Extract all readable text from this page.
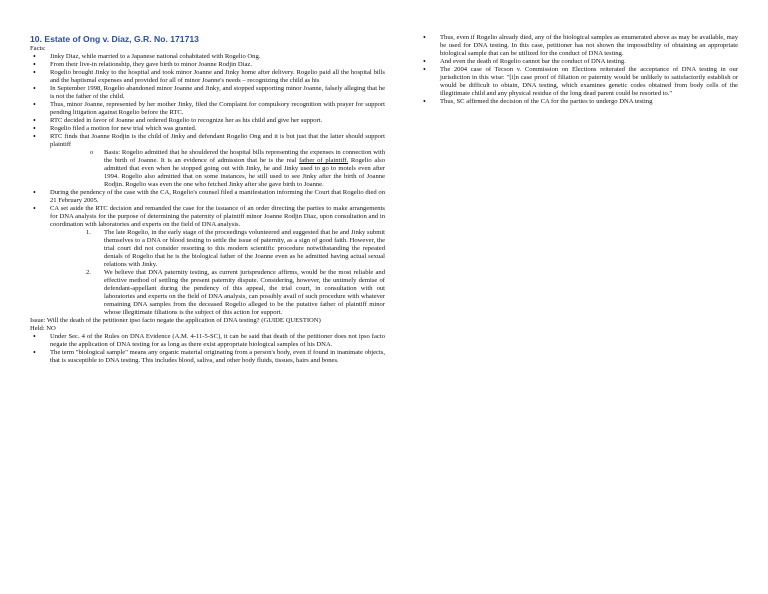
10. Estate of Ong v. Diaz, G.R. No. 171713
Facts:
• Jinky Diaz, while married to a Japanese national cohabitated with Rogelio Ong.
• From their live-in relationship, they gave birth to minor Joanne Rodjin Diaz.
• Rogelio brought Jinky to the hospital and took minor Joanne and Jinky home after delivery. Rogelio paid all the hospital bills and the baptismal expenses and provided for all of minor Joanne's needs – recognizing the child as his
• In September 1998, Rogelio abandoned minor Joanne and Jinky, and stopped supporting minor Joanne, falsely alleging that he is not the father of the child.
• Thus, minor Joanne, represented by her mother Jinky, filed the Complaint for compulsory recognition with prayer for support pending litigation against Rogelio before the RTC.
• RTC decided in favor of Joanne and ordered Rogelio to recognize her as his child and give her support.
• Rogelio filed a motion for new trial which was granted.
• RTC finds that Joanne Rodjin is the child of Jinky and defendant Rogelio Ong and it is but just that the latter should support plaintiff
o Basis: Rogelio admitted that he shouldered the hospital bills representing the expenses in connection with the birth of Joanne. It is an evidence of admission that he is the real father of plaintiff. Rogelio also admitted that even when he stopped going out with Jinky, he and Jinky used to go to motels even after 1994. Rogelio also admitted that on some instances, he still used to see Jinky after the birth of Joanne Rodjin. Rogelio was even the one who fetched Jinky after she gave birth to Joanne.
• During the pendency of the case with the CA, Rogelio's counsel filed a manifestation informing the Court that Rogelio died on 21 February 2005.
• CA set aside the RTC decision and remanded the case for the issuance of an order directing the parties to make arrangements for DNA analysis for the purpose of determining the paternity of plaintiff minor Joanne Rodjin Diaz, upon consultation and in coordination with laboratories and experts on the field of DNA analysis.
The late Rogelio, in the early stage of the proceedings volunteered and suggested that he and Jinky submit themselves to a DNA or blood testing to settle the issue of paternity, as a sign of good faith. However, the trial court did not consider resorting to this modern scientific procedure notwithstanding the repeated denials of Rogelio that he is the biological father of the Joanne even as he admitted having actual sexual relations with Jinky.
We believe that DNA paternity testing, as current jurisprudence affirms, would be the most reliable and effective method of settling the present paternity dispute. Considering, however, the untimely demise of defendant-appellant during the pendency of this appeal, the trial court, in consultation with out laboratories and experts on the field of DNA analysis, can possibly avail of such procedure with whatever remaining DNA samples from the deceased Rogelio alleged to be the putative father of plaintiff minor whose illegitimate filiations is the subject of this action for support.
Issue: Will the death of the petitioner ipso facto negate the application of DNA testing? (GUIDE QUESTION)
Held: NO
• Under Sec. 4 of the Rules on DNA Evidence (A.M. 4-11-5-SC), it can be said that death of the petitioner does not ipso facto negate the application of DNA testing for as long as there exist appropriate biological samples of his DNA.
• The term "biological sample" means any organic material originating from a person's body, even if found in inanimate objects, that is susceptible to DNA testing. This includes blood, saliva, and other body fluids, tissues, hairs and bones.
• Thus, even if Rogelio already died, any of the biological samples as enumerated above as may be available, may be used for DNA testing. In this case, petitioner has not shown the impossibility of obtaining an appropriate biological sample that can be utilized for the conduct of DNA testing.
• And even the death of Rogelio cannot bar the conduct of DNA testing.
• The 2004 case of Tecson v. Commission on Elections reiterated the acceptance of DNA testing in our jurisdiction in this wise: "[i]n case proof of filiation or paternity would be unlikely to satisfactorily establish or would be difficult to obtain, DNA testing, which examines genetic codes obtained from body cells of the illegitimate child and any physical residue of the long dead parent could be resorted to."
• Thus, SC affirmed the decision of the CA for the parties to undergo DNA testing
